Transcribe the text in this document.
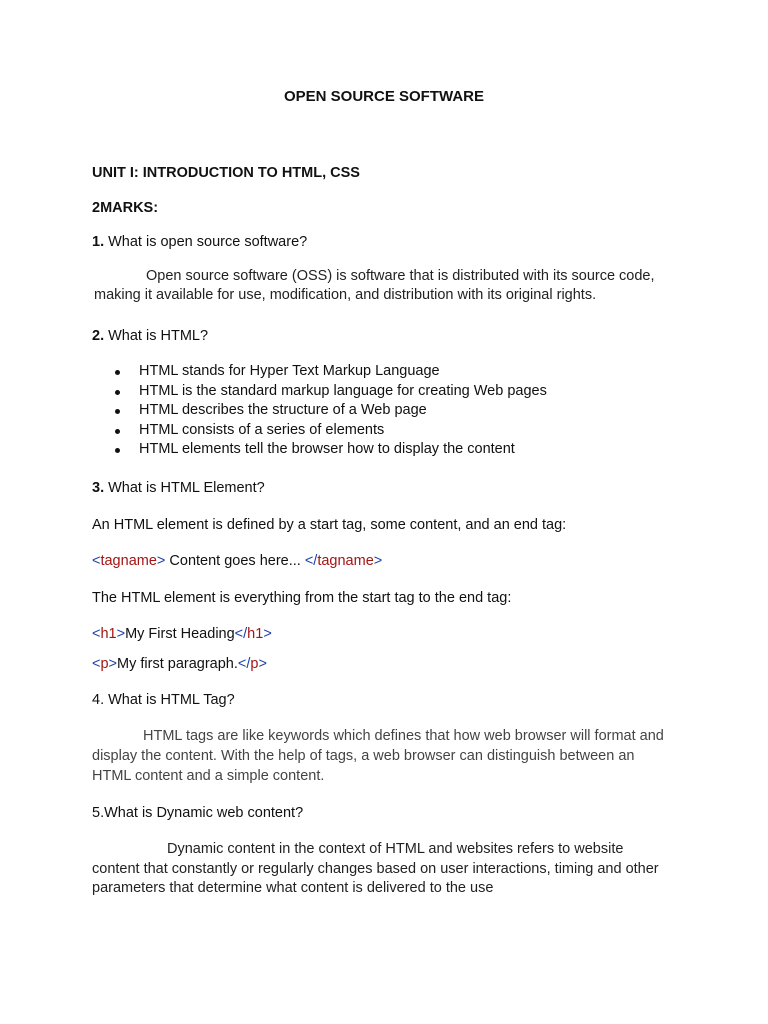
OPEN SOURCE SOFTWARE
UNIT I: INTRODUCTION TO HTML, CSS
2MARKS:
1. What is open source software?
Open source software (OSS) is software that is distributed with its source code,
making it available for use, modification, and distribution with its original rights.
2. What is HTML?
HTML stands for Hyper Text Markup Language
HTML is the standard markup language for creating Web pages
HTML describes the structure of a Web page
HTML consists of a series of elements
HTML elements tell the browser how to display the content
3. What is HTML Element?
An HTML element is defined by a start tag, some content, and an end tag:
<tagname> Content goes here... </tagname>
The HTML element is everything from the start tag to the end tag:
<h1>My First Heading</h1>
<p>My first paragraph.</p>
4. What is HTML Tag?
HTML tags are like keywords which defines that how web browser will format and
display the content. With the help of tags, a web browser can distinguish between an
HTML content and a simple content.
5.What is Dynamic web content?
Dynamic content in the context of HTML and websites refers to website
content that constantly or regularly changes based on user interactions, timing and other
parameters that determine what content is delivered to the use
